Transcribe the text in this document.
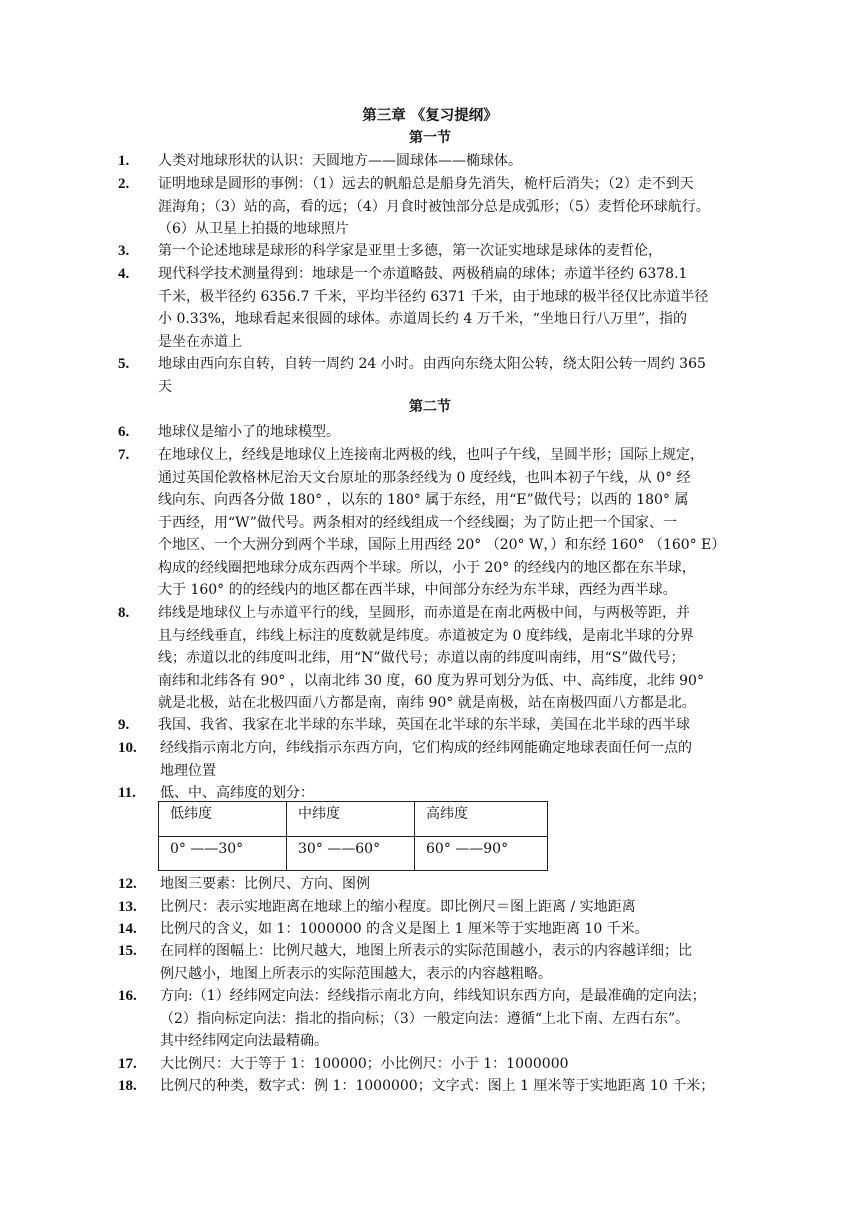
第三章 《复习提纲》
第一节
第二节
1. 人类对地球形状的认识：天圆地方——圆球体——椭球体。
2. 证明地球是圆形的事例：（1）远去的帆船总是船身先消失，桅杆后消失；（2）走不到天
涯海角；（3）站的高，看的远；（4）月食时被蚀部分总是成弧形；（5）麦哲伦环球航行。
（6）从卫星上拍摄的地球照片
3. 第一个论述地球是球形的科学家是亚里士多德，第一次证实地球是球体的麦哲伦，
4. 现代科学技术测量得到：地球是一个赤道略鼓、两极稍扁的球体；赤道半径约 6378.1
千米，极半径约 6356.7 千米，平均半径约 6371 千米，由于地球的极半径仅比赤道半径
小 0.33%，地球看起来很圆的球体。赤道周长约 4 万千米，“坐地日行八万里”，指的
是坐在赤道上
5. 地球由西向东自转，自转一周约 24 小时。由西向东绕太阳公转，绕太阳公转一周约 365
天
6. 地球仪是缩小了的地球模型。
7. 在地球仪上，经线是地球仪上连接南北两极的线，也叫子午线，呈圆半形；国际上规定，
通过英国伦敦格林尼治天文台原址的那条经线为 0 度经线，也叫本初子午线，从 0° 经
线向东、向西各分做 180° ，以东的 180° 属于东经，用“E”做代号；以西的 180° 属
于西经，用“W”做代号。两条相对的经线组成一个经线圈；为了防止把一个国家、一
个地区、一个大洲分到两个半球，国际上用西经 20° （20° W，）和东经 160° （160° E）
构成的经线圈把地球分成东西两个半球。所以，小于 20° 的经线内的地区都在东半球，
大于 160° 的的经线内的地区都在西半球，中间部分东经为东半球，西经为西半球。
8. 纬线是地球仪上与赤道平行的线，呈圆形，而赤道是在南北两极中间，与两极等距，并
且与经线垂直，纬线上标注的度数就是纬度。赤道被定为 0 度纬线，是南北半球的分界
线；赤道以北的纬度叫北纬，用“N”做代号；赤道以南的纬度叫南纬，用“S”做代号；
南纬和北纬各有 90° ，以南北纬 30 度，60 度为界可划分为低、中、高纬度，北纬 90°
就是北极，站在北极四面八方都是南，南纬 90° 就是南极，站在南极四面八方都是北。
9. 我国、我省、我家在北半球的东半球，英国在北半球的东半球，美国在北半球的西半球
10. 经线指示南北方向，纬线指示东西方向，它们构成的经纬网能确定地球表面任何一点的
地理位置
11. 低、中、高纬度的划分：
12. 地图三要素：比例尺、方向、图例
13. 比例尺：表示实地距离在地球上的缩小程度。即比例尺＝图上距离 / 实地距离
14. 比例尺的含义，如 1：1000000 的含义是图上 1 厘米等于实地距离 10 千米。
15. 在同样的图幅上：比例尺越大，地图上所表示的实际范围越小，表示的内容越详细；比
例尺越小，地图上所表示的实际范围越大，表示的内容越粗略。
16. 方向:（1）经纬网定向法：经线指示南北方向，纬线知识东西方向，是最准确的定向法；
（2）指向标定向法：指北的指向标；（3）一般定向法：遵循“上北下南、左西右东”。
其中经纬网定向法最精确。
17. 大比例尺：大于等于 1：100000；小比例尺：小于 1：1000000
18. 比例尺的种类，数字式：例 1：1000000；文字式：图上 1 厘米等于实地距离 10 千米；
低纬度	中纬度	高纬度
0° ——30°	30° ——60°	60° ——90°
